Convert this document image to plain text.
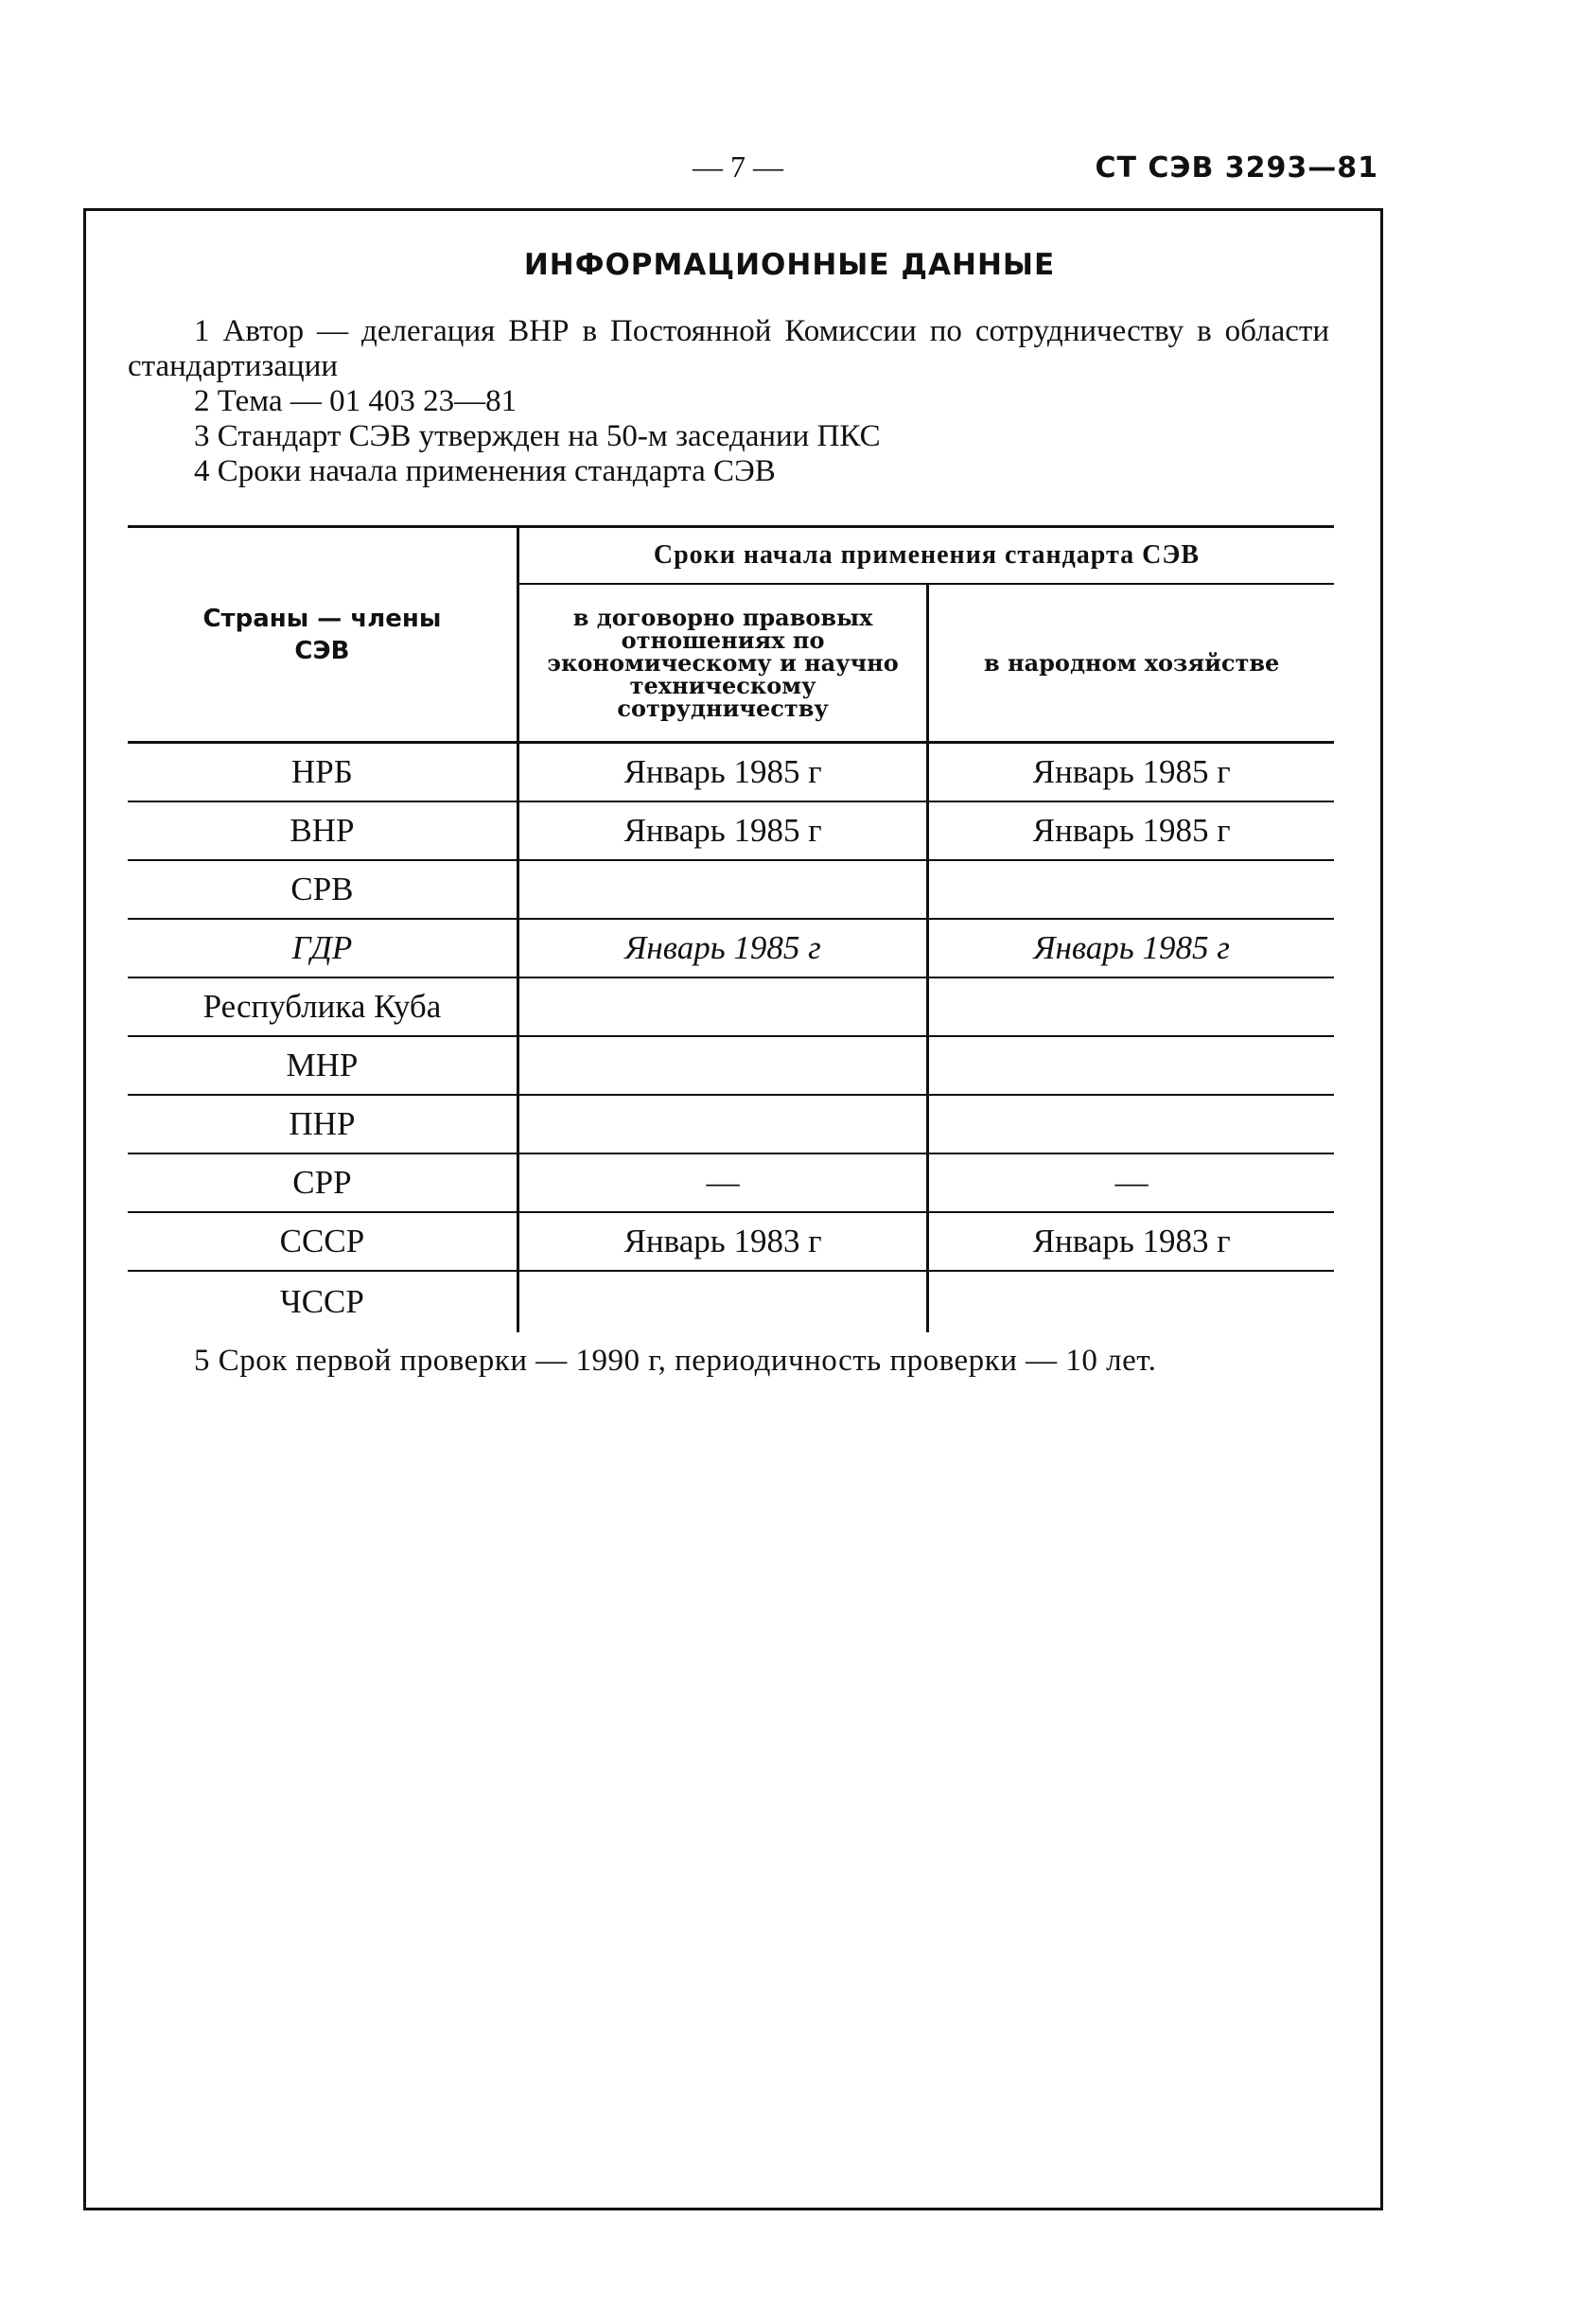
— 7 —	СТ СЭВ 3293—81
ИНФОРМАЦИОННЫЕ ДАННЫЕ

1 Автор — делегация ВНР в Постоянной Комиссии по сотрудничеству в области стандартизации

2 Тема — 01 403 23—81

3 Стандарт СЭВ утвержден на 50-м заседании ПКС

4 Сроки начала применения стандарта СЭВ

Страны — члены
СЭВ	Сроки начала применения стандарта СЭВ	

	в договорно правовых отношениях по экономическому и научно техническому сотрудничеству	в народном хозяйстве

НРБ	Январь 1985 г	Январь 1985 г
ВНР	Январь 1985 г	Январь 1985 г
СРВ		
ГДР	Январь 1985 г	Январь 1985 г
Республика Куба		
МНР		
ПНР		
СРР	—	—
СССР	Январь 1983 г	Январь 1983 г
ЧССР		
5 Срок первой проверки — 1990 г, периодичность проверки — 10 лет.
